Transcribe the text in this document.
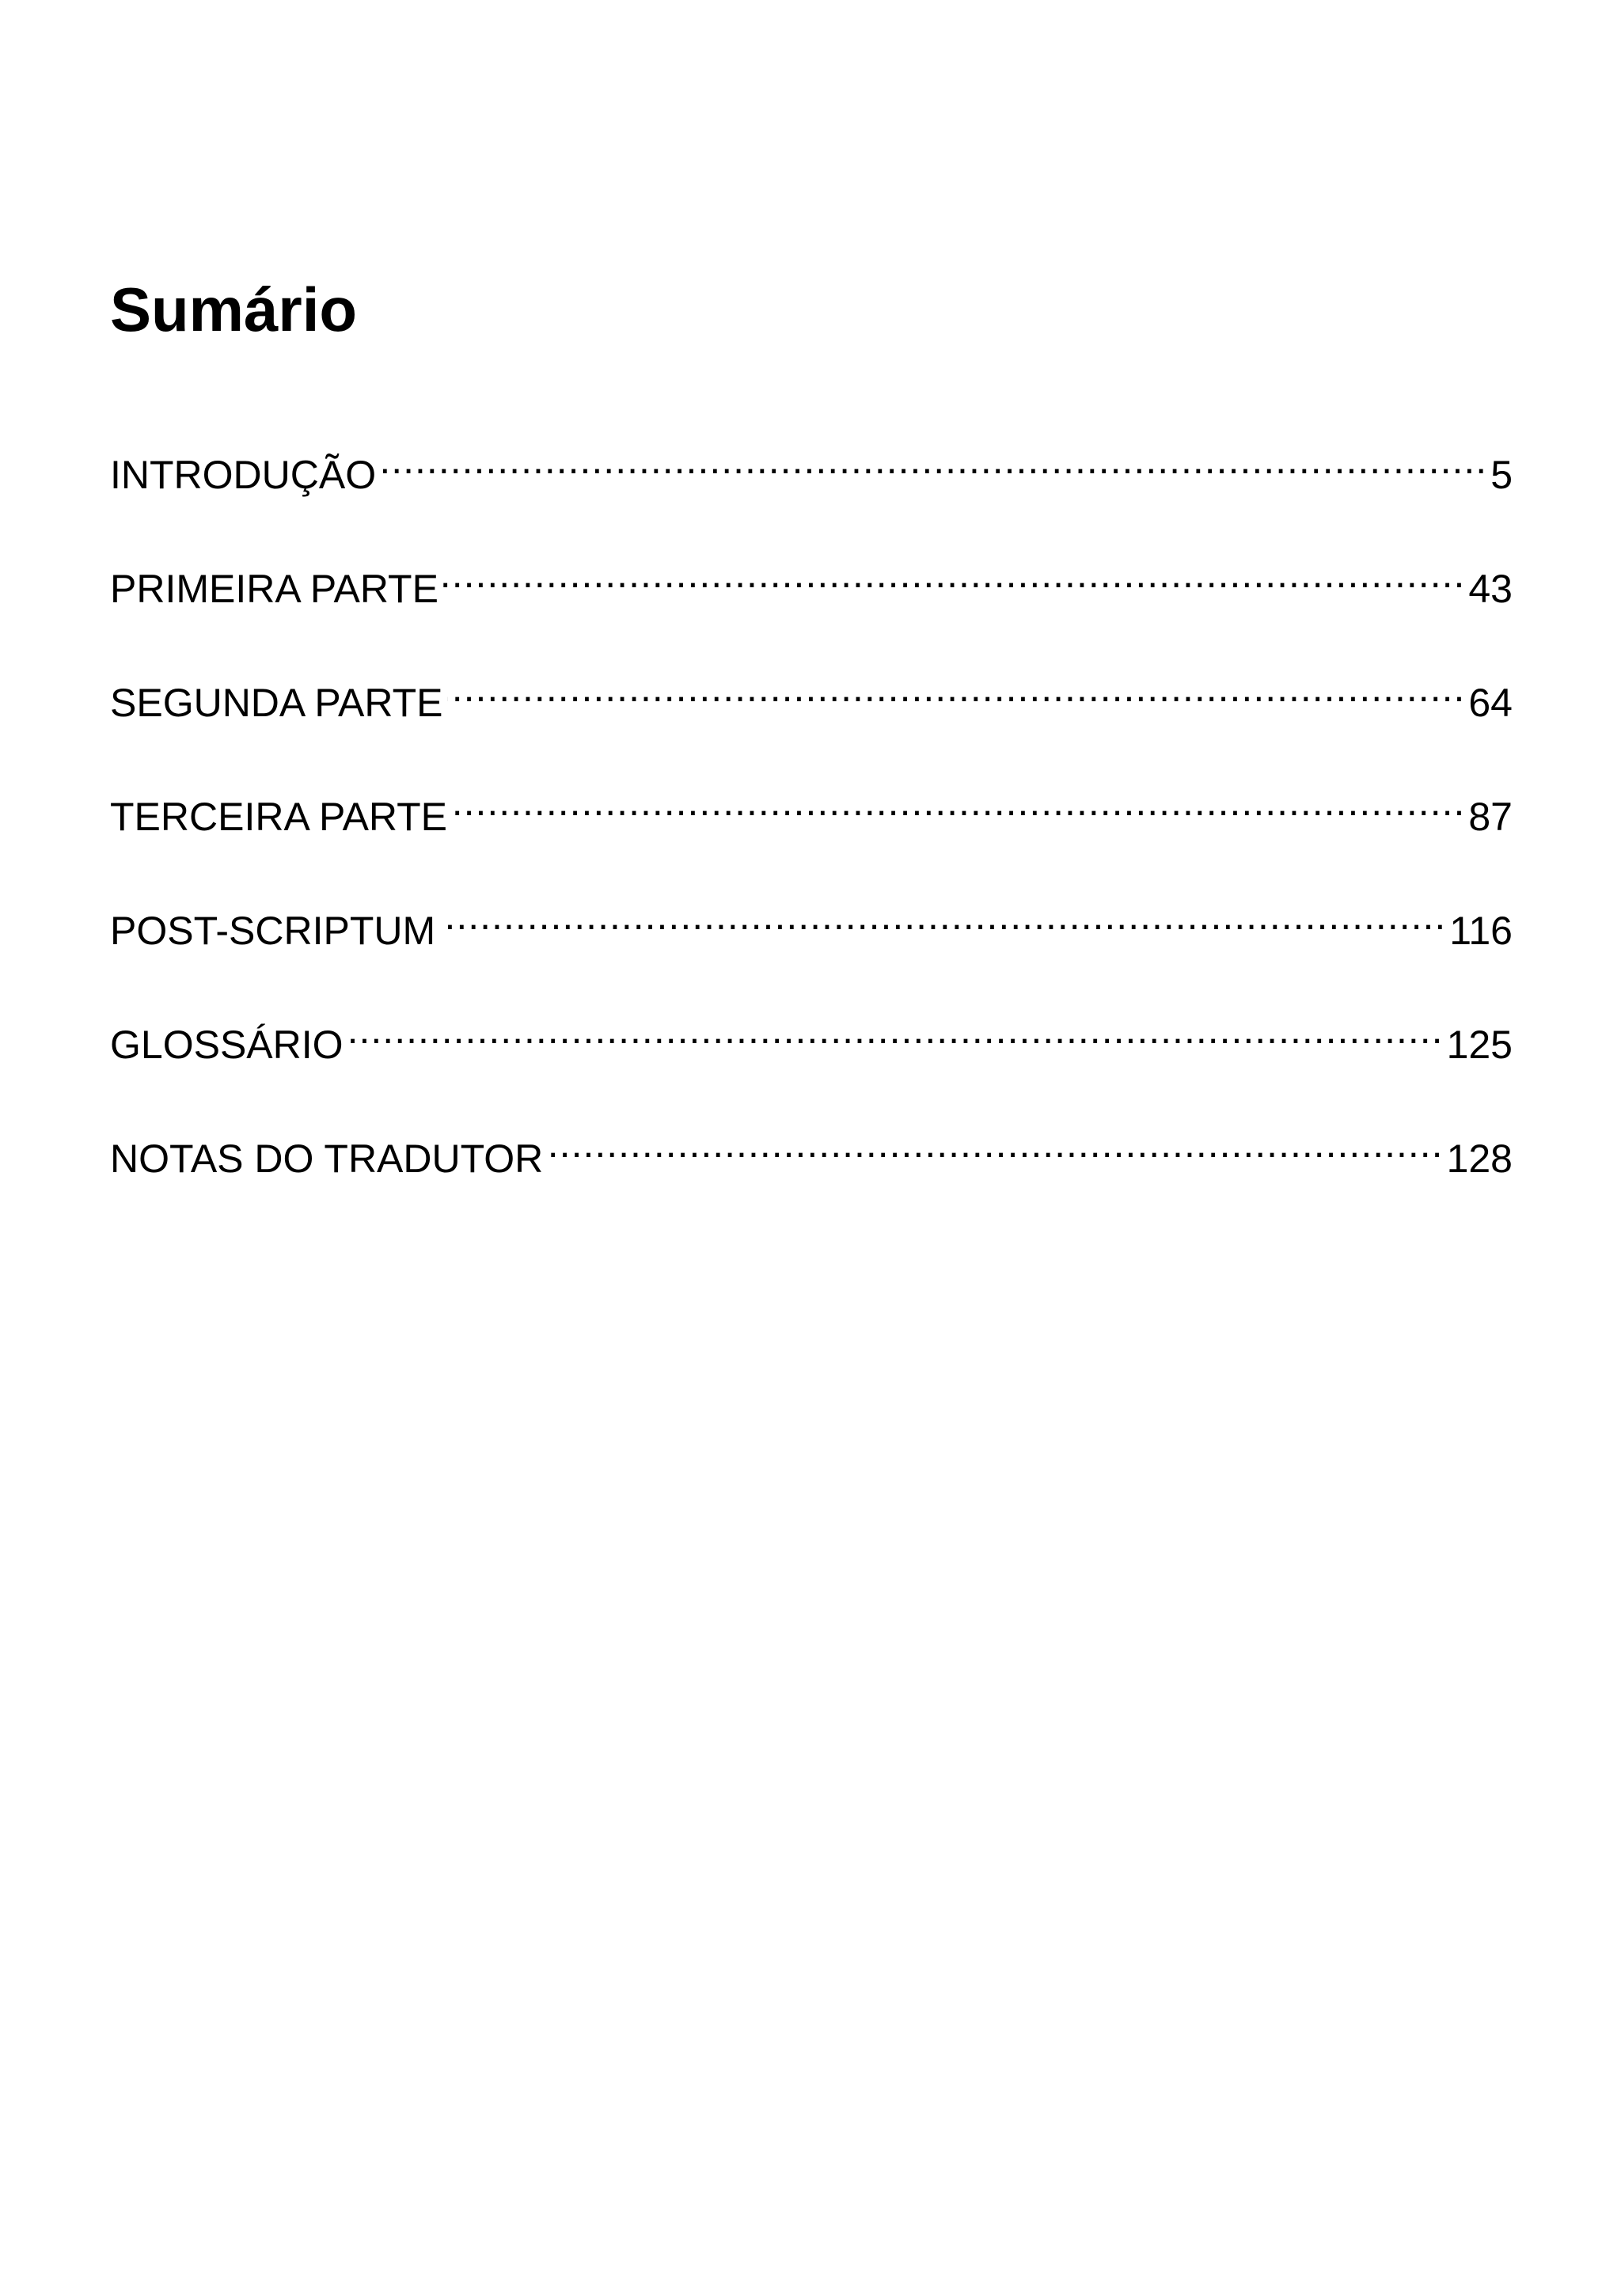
Sumário
INTRODUÇÃO .....	5
PRIMEIRA PARTE .....	43
SEGUNDA PARTE .....	64
TERCEIRA PARTE .....	87
POST-SCRIPTUM .....	116
GLOSSÁRIO .....	125
NOTAS DO TRADUTOR .....	128
